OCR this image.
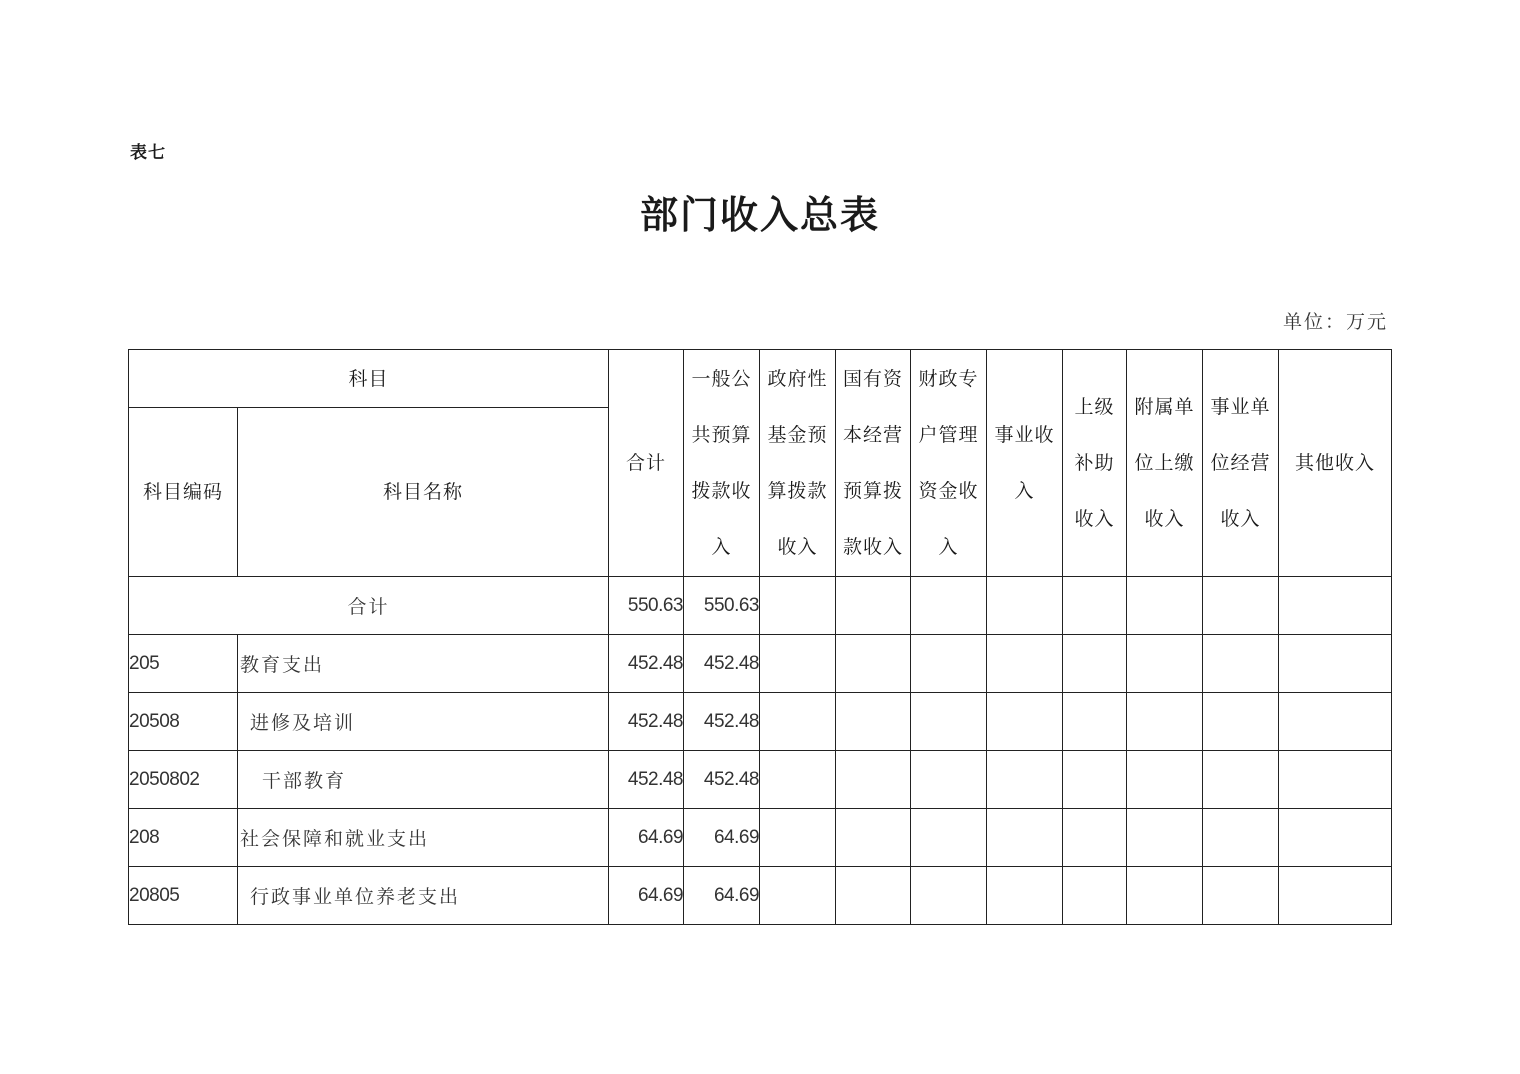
表七
部门收入总表
单位：万元
科目		合计	一般公共预算拨款收入	政府性基金预算拨款收入	国有资本经营预算拨款收入	财政专户管理资金收入	事业收入	上级补助收入	附属单位上缴收入	事业单位经营收入	其他收入
科目编码	科目名称										
合计		550.63	550.63								
205	教育支出	452.48	452.48								
20508	进修及培训	452.48	452.48								
2050802	干部教育	452.48	452.48								
208	社会保障和就业支出	64.69	64.69								
20805	行政事业单位养老支出	64.69	64.69								
